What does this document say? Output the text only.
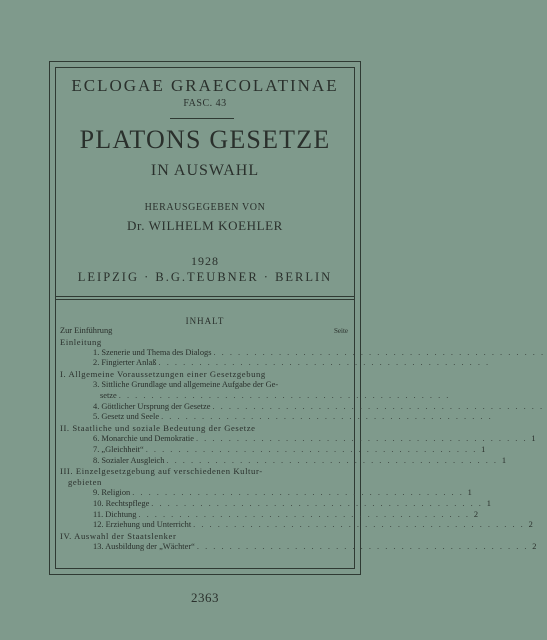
ECLOGAE GRAECOLATINAE
FASC. 43
PLATONS GESETZE
IN AUSWAHL
HERAUSGEGEBEN VON
Dr. WILHELM KOEHLER
1928
LEIPZIG · B.G.TEUBNER · BERLIN
INHALT
Seite
Zur Einführung
Einleitung
1. Szenerie und Thema des Dialogs . . . . . . . . . . . . . . . . . . . . . . . . . . . . . . . . . . . . . . . . .
2. Fingierter Anlaß . . . . . . . . . . . . . . . . . . . . . . . . . . . . . . . . . . . . . . . . .
I. Allgemeine Voraussetzungen einer Gesetzgebung
3. Sittliche Grundlage und allgemeine Aufgabe der Ge-
setze . . . . . . . . . . . . . . . . . . . . . . . . . . . . . . . . . . . . . . . . .
4. Göttlicher Ursprung der Gesetze . . . . . . . . . . . . . . . . . . . . . . . . . . . . . . . . . . . . . . . . .
5. Gesetz und Seele . . . . . . . . . . . . . . . . . . . . . . . . . . . . . . . . . . . . . . . . .
II. Staatliche und soziale Bedeutung der Gesetze
6. Monarchie und Demokratie . . . . . . . . . . . . . . . . . . . . . . . . . . . . . . . . . . . . . . . . . 1
7. „Gleichheit“ . . . . . . . . . . . . . . . . . . . . . . . . . . . . . . . . . . . . . . . . . 1
8. Sozialer Ausgleich . . . . . . . . . . . . . . . . . . . . . . . . . . . . . . . . . . . . . . . . . 1
III. Einzelgesetzgebung auf verschiedenen Kultur-
gebieten
9. Religion . . . . . . . . . . . . . . . . . . . . . . . . . . . . . . . . . . . . . . . . . 1
10. Rechtspflege . . . . . . . . . . . . . . . . . . . . . . . . . . . . . . . . . . . . . . . . . 1
11. Dichtung . . . . . . . . . . . . . . . . . . . . . . . . . . . . . . . . . . . . . . . . . 2
12. Erziehung und Unterricht . . . . . . . . . . . . . . . . . . . . . . . . . . . . . . . . . . . . . . . . . 2
IV. Auswahl der Staatslenker
13. Ausbildung der „Wächter“ . . . . . . . . . . . . . . . . . . . . . . . . . . . . . . . . . . . . . . . . . 2
2363
